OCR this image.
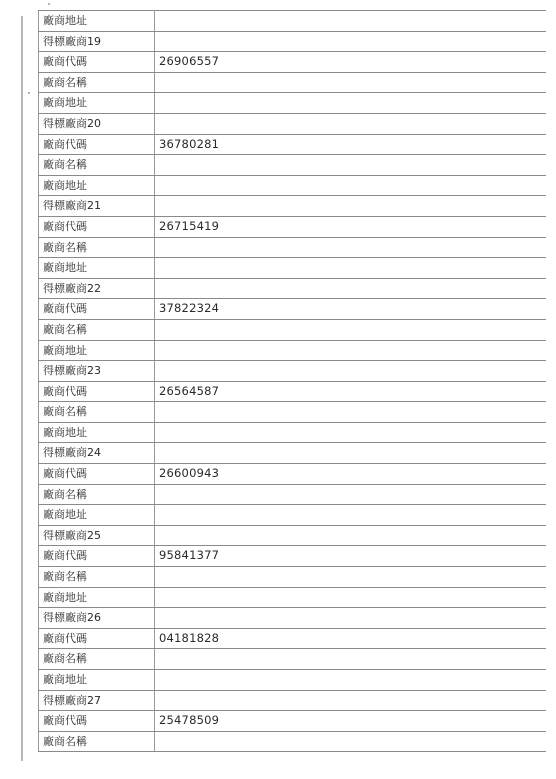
廠商地址	
得標廠商19	
廠商代碼	26906557
廠商名稱	
廠商地址	
得標廠商20	
廠商代碼	36780281
廠商名稱	
廠商地址	
得標廠商21	
廠商代碼	26715419
廠商名稱	
廠商地址	
得標廠商22	
廠商代碼	37822324
廠商名稱	
廠商地址	
得標廠商23	
廠商代碼	26564587
廠商名稱	
廠商地址	
得標廠商24	
廠商代碼	26600943
廠商名稱	
廠商地址	
得標廠商25	
廠商代碼	95841377
廠商名稱	
廠商地址	
得標廠商26	
廠商代碼	04181828
廠商名稱	
廠商地址	
得標廠商27	
廠商代碼	25478509
廠商名稱	
